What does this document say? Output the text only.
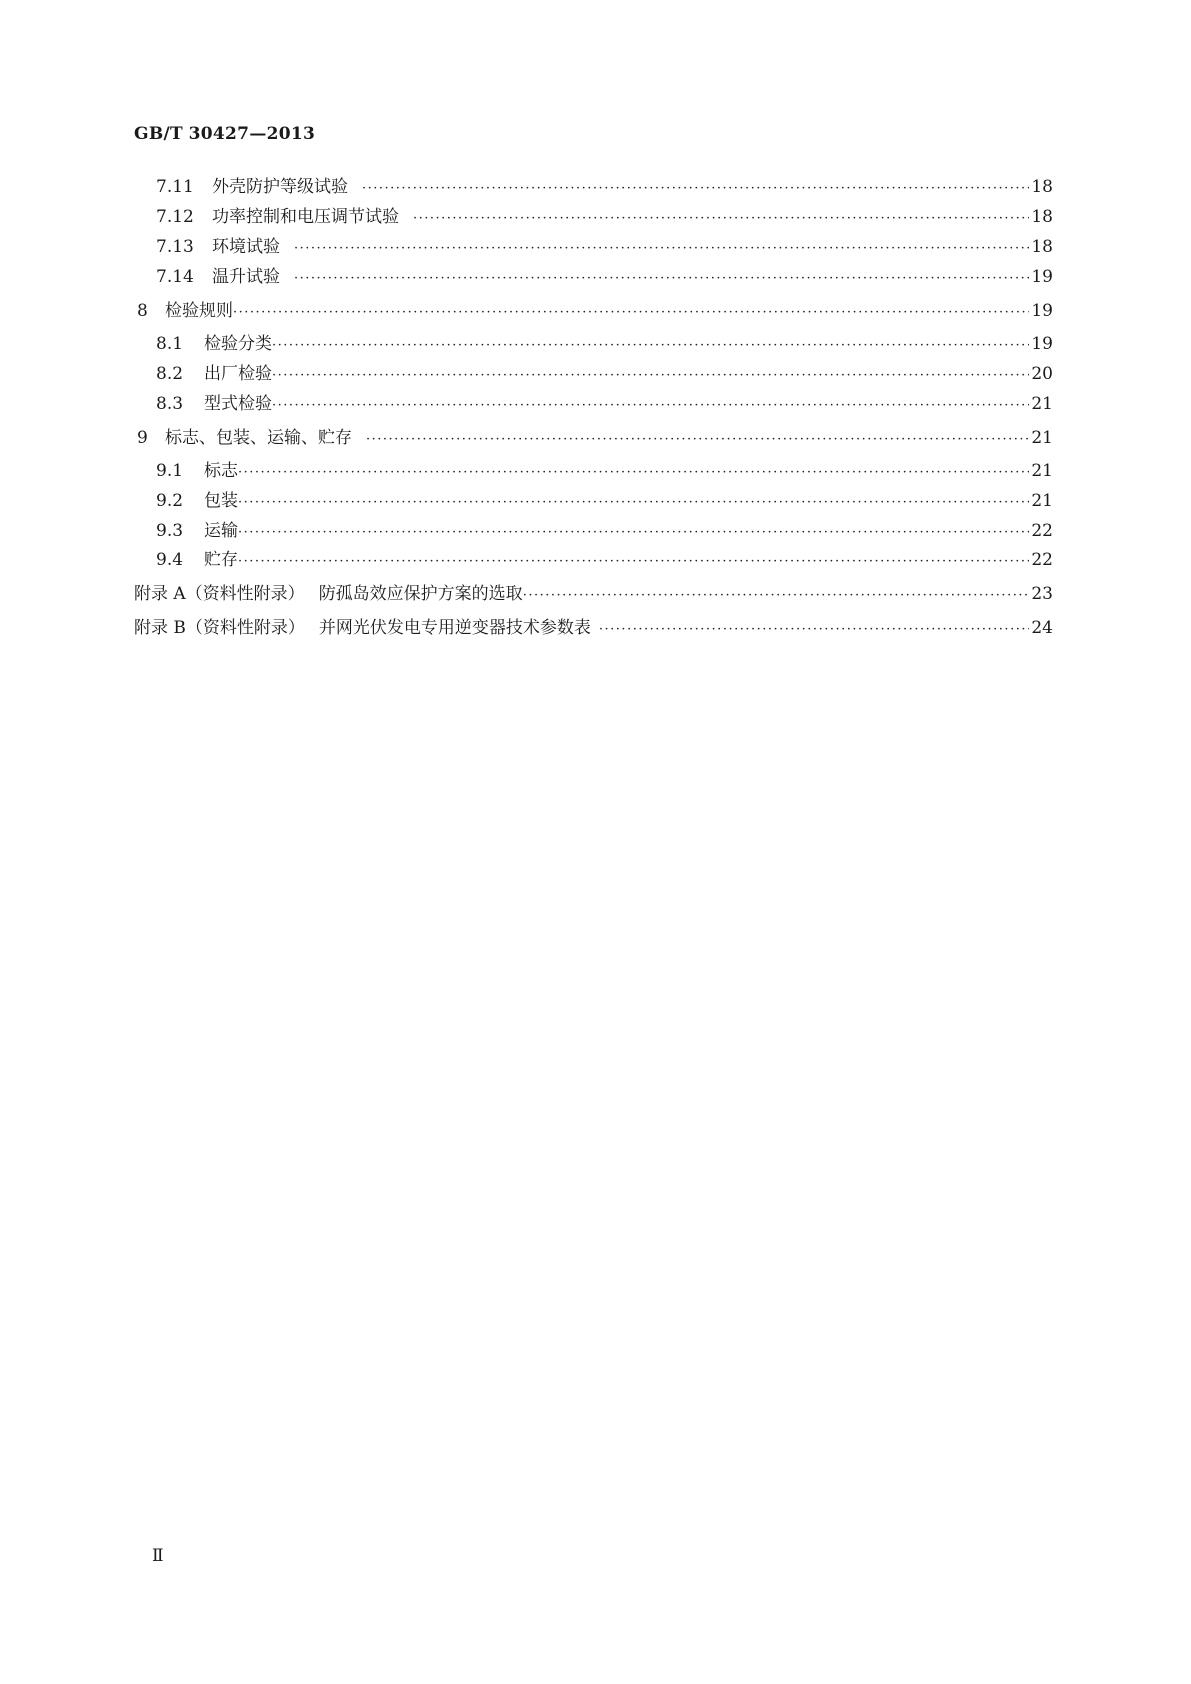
GB/T 30427—2013
7.11	外壳防护等级试验 ·····	18
7.12	功率控制和电压调节试验 ·····	18
7.13	环境试验 ·····	18
7.14	温升试验 ·····	19
8	检验规则 ·····	19
8.1	检验分类 ·····	19
8.2	出厂检验 ·····	20
8.3	型式检验 ·····	21
9	标志、包装、运输、贮存 ·····	21
9.1	标志 ·····	21
9.2	包装 ·····	21
9.3	运输 ·····	22
9.4	贮存 ·····	22
附录 A（资料性附录） 防孤岛效应保护方案的选取 ·····	23
附录 B（资料性附录） 并网光伏发电专用逆变器技术参数表 ·····	24
Ⅱ
